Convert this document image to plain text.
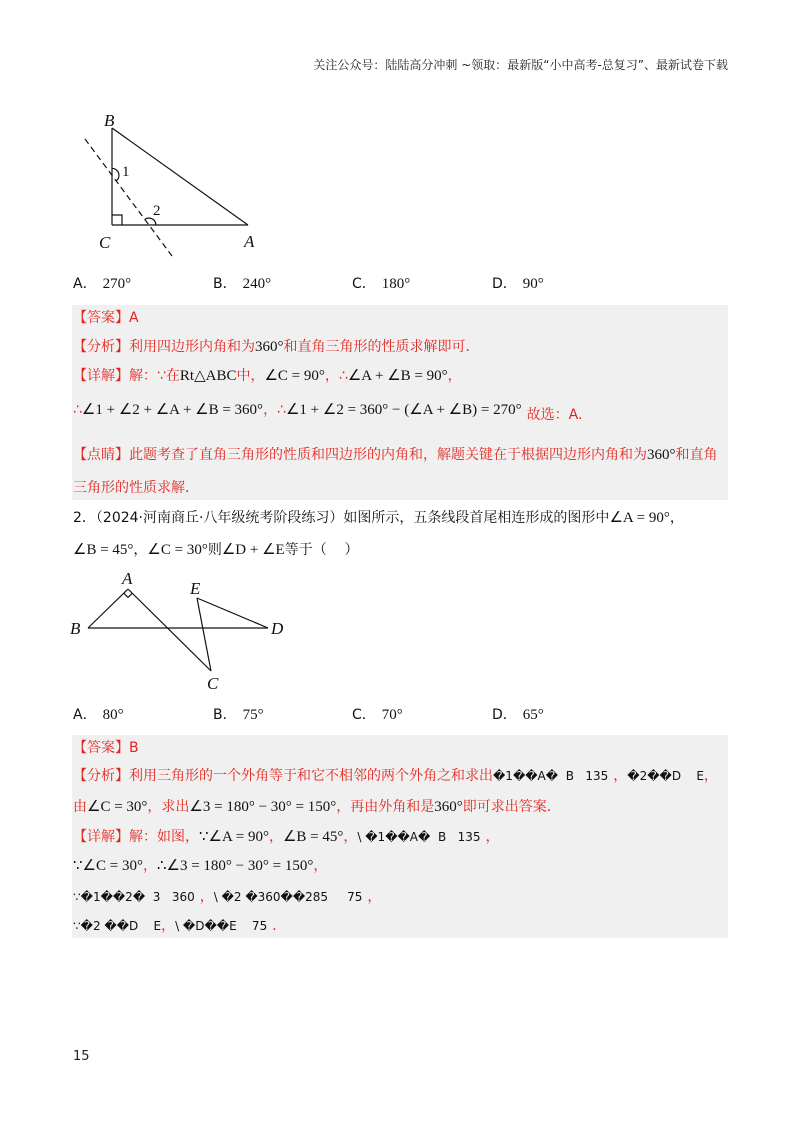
关注公众号：陆陆高分冲刺 ~领取：最新版“小中高考-总复习”、最新试卷下载
B
C	A
1
2
A． 270°	B． 240°	C． 180°	D． 90°
【答案】A
【分析】利用四边形内角和为360°和直角三角形的性质求解即可．
【详解】解：∵在Rt△ABC中，∠C = 90°，∴∠A + ∠B = 90°，
∴∠1 + ∠2 + ∠A + ∠B = 360°，∴∠1 + ∠2 = 360° − (∠A + ∠B) = 270° 故选：A．
【点睛】此题考查了直角三角形的性质和四边形的内角和，解题关键在于根据四边形内角和为360°和直角
三角形的性质求解．
2．（2024·河南商丘·八年级统考阶段练习）如图所示，五条线段首尾相连形成的图形中∠A = 90°，
∠B = 45°，∠C = 30°则∠D + ∠E等于（    ）
A
B
E
D
C
A． 80°	B． 75°	C． 70°	D． 65°
【答案】B
【分析】利用三角形的一个外角等于和它不相邻的两个外角之和求出�1��A�  B   135 ，�2��D    E，
由∠C = 30°，求出∠3 = 180° − 30° = 150°，再由外角和是360°即可求出答案．
【详解】解：如图，∵∠A = 90°，∠B = 45°，\ �1��A�  B   135 ，
∵∠C = 30°，∴∠3 = 180° − 30° = 150°，
∵�1��2�  3   360 ，\ �2 �360��285     75 ，
∵�2 ��D    E，\ �D��E    75 ．
15
